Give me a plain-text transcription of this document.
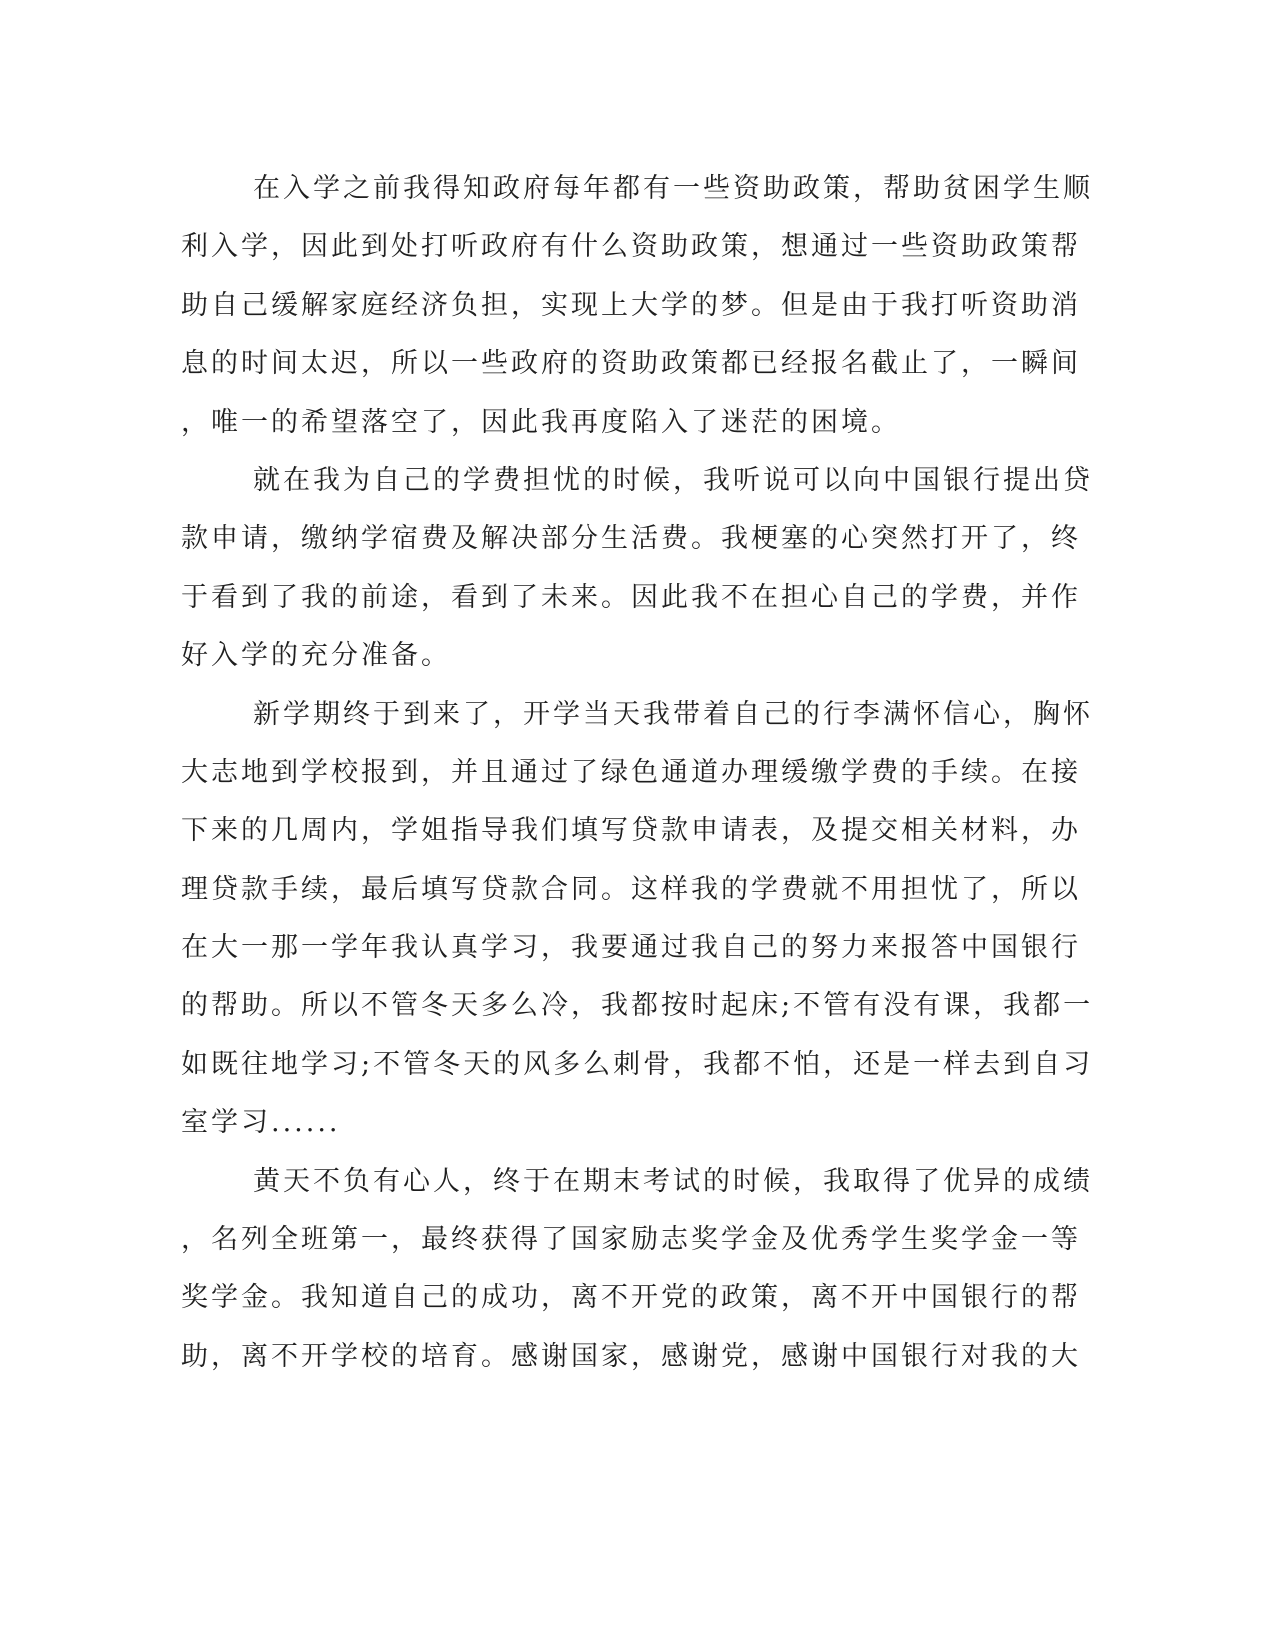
在入学之前我得知政府每年都有一些资助政策，帮助贫困学生顺
利入学，因此到处打听政府有什么资助政策，想通过一些资助政策帮
助自己缓解家庭经济负担，实现上大学的梦。但是由于我打听资助消
息的时间太迟，所以一些政府的资助政策都已经报名截止了，一瞬间
，唯一的希望落空了，因此我再度陷入了迷茫的困境。
就在我为自己的学费担忧的时候，我听说可以向中国银行提出贷
款申请，缴纳学宿费及解决部分生活费。我梗塞的心突然打开了，终
于看到了我的前途，看到了未来。因此我不在担心自己的学费，并作
好入学的充分准备。
新学期终于到来了，开学当天我带着自己的行李满怀信心，胸怀
大志地到学校报到，并且通过了绿色通道办理缓缴学费的手续。在接
下来的几周内，学姐指导我们填写贷款申请表，及提交相关材料，办
理贷款手续，最后填写贷款合同。这样我的学费就不用担忧了，所以
在大一那一学年我认真学习，我要通过我自己的努力来报答中国银行
的帮助。所以不管冬天多么冷，我都按时起床;不管有没有课，我都一
如既往地学习;不管冬天的风多么刺骨，我都不怕，还是一样去到自习
室学习......
黄天不负有心人，终于在期末考试的时候，我取得了优异的成绩
，名列全班第一，最终获得了国家励志奖学金及优秀学生奖学金一等
奖学金。我知道自己的成功，离不开党的政策，离不开中国银行的帮
助，离不开学校的培育。感谢国家，感谢党，感谢中国银行对我的大
